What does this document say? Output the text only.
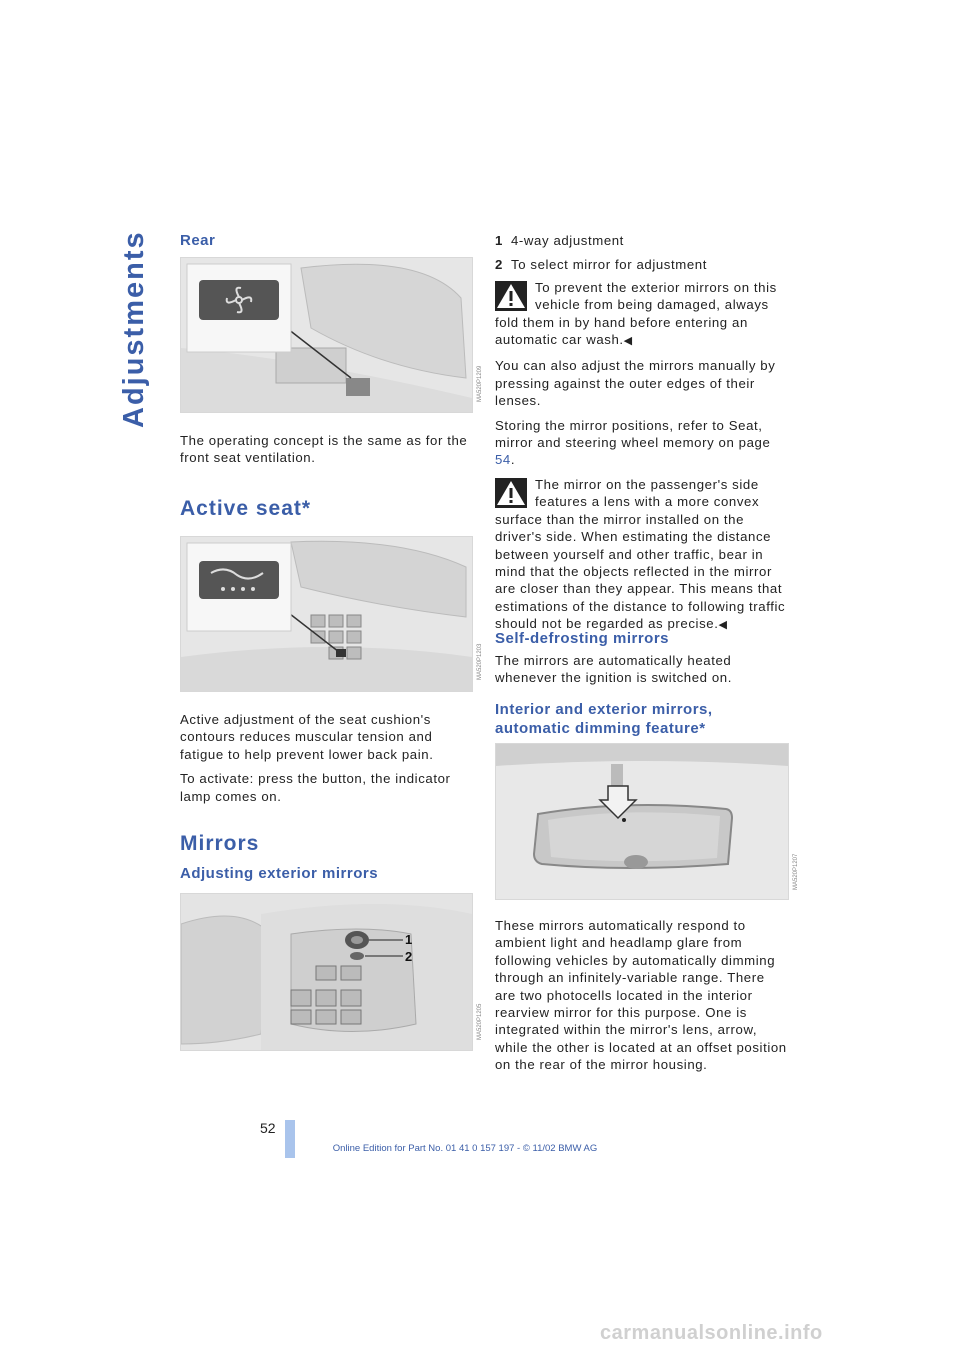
Adjustments Rear
MA520P1209

The operating concept is the same as for the front seat ventilation.

Active seat*
MA520P1203

Active adjustment of the seat cushion's contours reduces muscular tension and fatigue to help prevent lower back pain.

To activate: press the button, the indicator lamp comes on.

Mirrors
Adjusting exterior mirrors
1
2
MA520P1205

1 4-way adjustment

2 To select mirror for adjustment

To prevent the exterior mirrors on this vehicle from being damaged, always fold them in by hand before entering an automatic car wash.◀

You can also adjust the mirrors manually by pressing against the outer edges of their lenses.

Storing the mirror positions, refer to Seat, mirror and steering wheel memory on page 54.

The mirror on the passenger's side features a lens with a more convex surface than the mirror installed on the driver's side. When estimating the distance between yourself and other traffic, bear in mind that the objects reflected in the mirror are closer than they appear. This means that estimations of the distance to following traffic should not be regarded as precise.◀

Self-defrosting mirrors

The mirrors are automatically heated whenever the ignition is switched on.

Interior and exterior mirrors, automatic dimming feature*
MA520P1207

These mirrors automatically respond to ambient light and headlamp glare from following vehicles by automatically dimming through an infinitely-variable range. There are two photocells located in the interior rearview mirror for this purpose. One is integrated within the mirror's lens, arrow, while the other is located at an offset position on the rear of the mirror housing.

52
Online Edition for Part No. 01 41 0 157 197 - © 11/02 BMW AG
carmanualsonline.info
